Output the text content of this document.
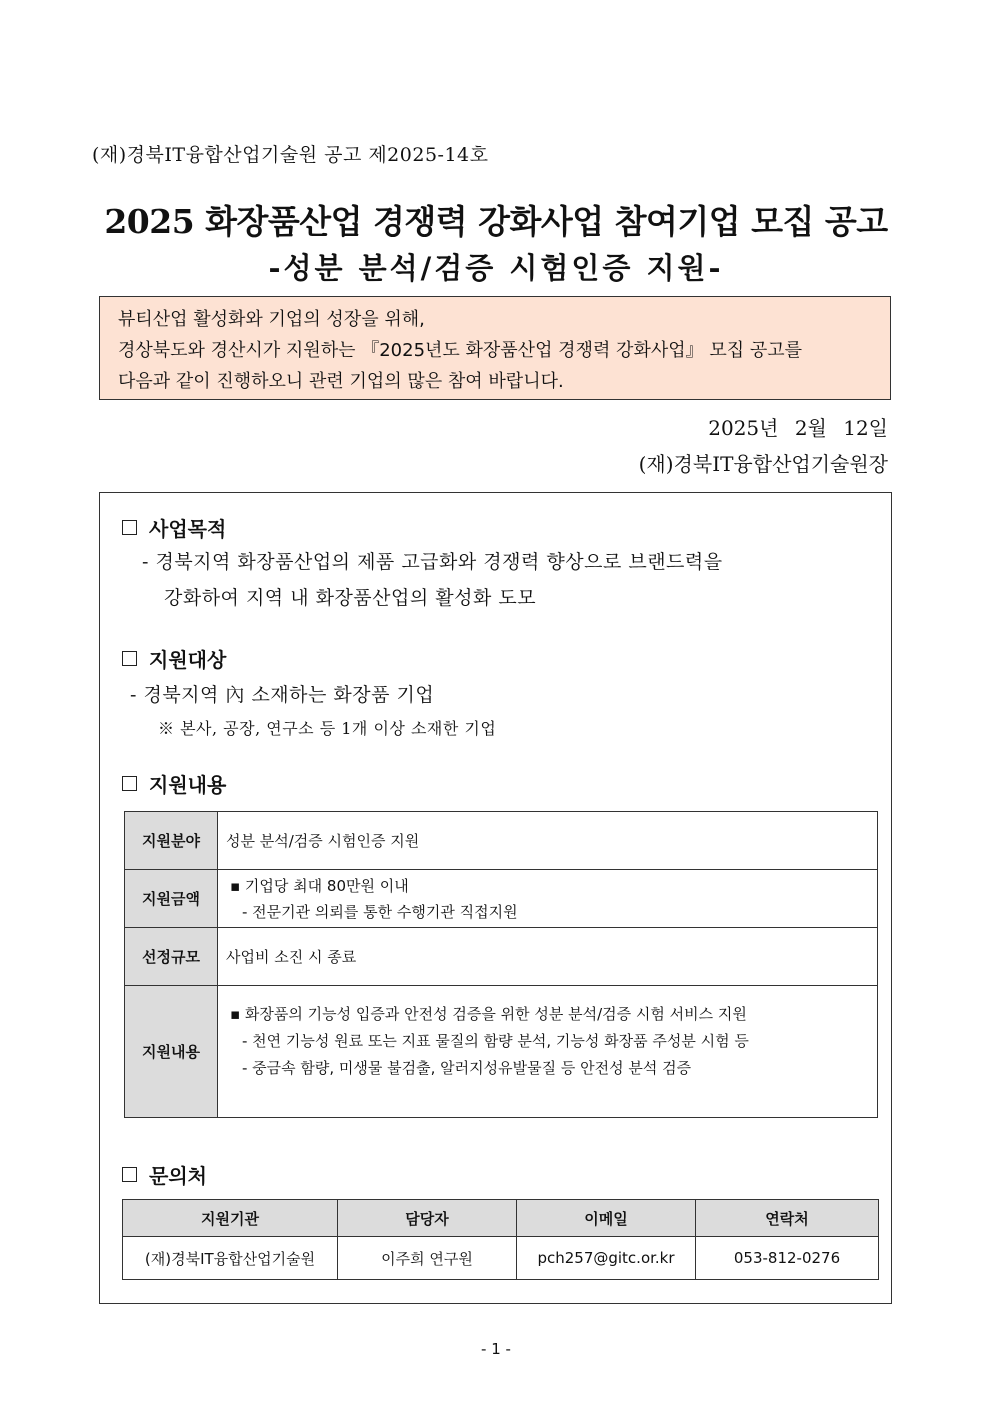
(재)경북IT융합산업기술원 공고 제2025-14호
2025 화장품산업 경쟁력 강화사업 참여기업 모집 공고
-성분 분석/검증 시험인증 지원-
뷰티산업 활성화와 기업의 성장을 위해,
경상북도와 경산시가 지원하는 『2025년도 화장품산업 경쟁력 강화사업』 모집 공고를
다음과 같이 진행하오니 관련 기업의 많은 참여 바랍니다.
2025년 2월 12일
(재)경북IT융합산업기술원장
사업목적
- 경북지역 화장품산업의 제품 고급화와 경쟁력 향상으로 브랜드력을
강화하여 지역 내 화장품산업의 활성화 도모
지원대상
- 경북지역 內 소재하는 화장품 기업
※ 본사, 공장, 연구소 등 1개 이상 소재한 기업
지원내용
지원분야	성분 분석/검증 시험인증 지원
지원금액	▪ 기업당 최대 80만원 이내
- 전문기관 의뢰를 통한 수행기관 직접지원

선정규모	사업비 소진 시 종료
지원내용	▪ 화장품의 기능성 입증과 안전성 검증을 위한 성분 분석/검증 시험 서비스 지원
- 천연 기능성 원료 또는 지표 물질의 함량 분석, 기능성 화장품 주성분 시험 등
- 중금속 함량, 미생물 불검출, 알러지성유발물질 등 안전성 분석 검증
문의처
지원기관	담당자	이메일	연락처
(재)경북IT융합산업기술원	이주희 연구원	pch257@gitc.or.kr	053-812-0276
- 1 -
